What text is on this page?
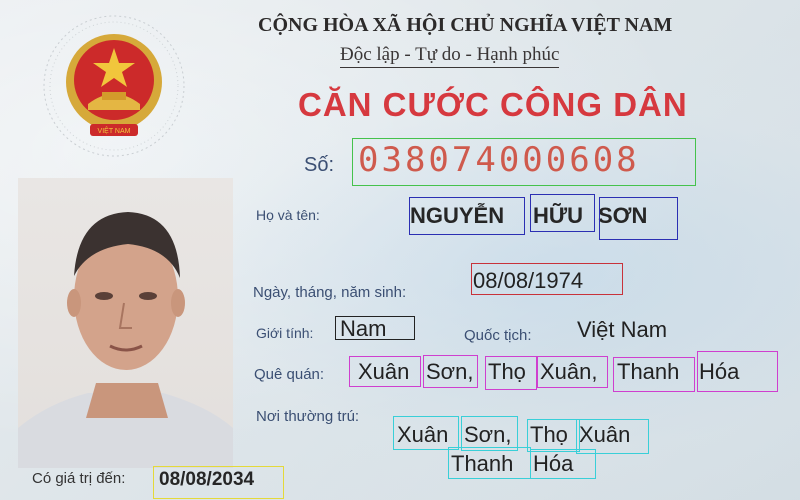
VIỆT NAM
CỘNG HÒA XÃ HỘI CHỦ NGHĨA VIỆT NAM
Độc lập - Tự do - Hạnh phúc
CĂN CƯỚC CÔNG DÂN
Số: 038074000608
Họ và tên:	NGUYỄN HỮU SƠN
Ngày, tháng, năm sinh:	08/08/1974
Giới tính: Nam	Quốc tịch: Việt Nam
Quê quán: Xuân Sơn, Thọ Xuân, Thanh Hóa
Nơi thường trú:
Xuân Sơn, Thọ Xuân
Thanh Hóa
Có giá trị đến: 08/08/2034
